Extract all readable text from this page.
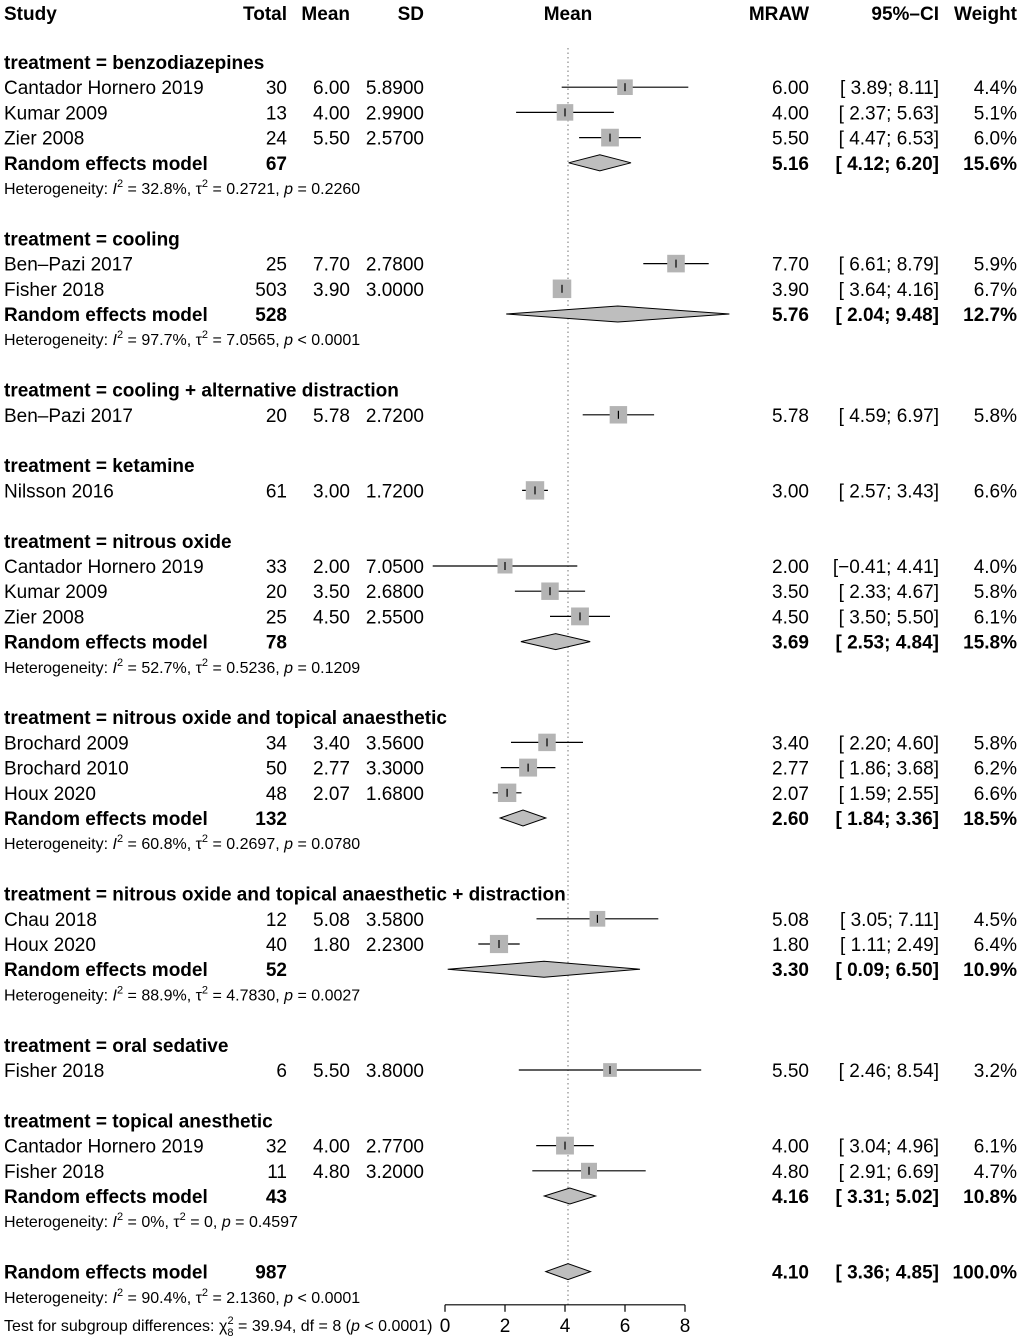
Study	Total Mean	SD	Mean	MRAW	95%–CI Weight
treatment = benzodiazepines
Cantador Hornero 2019	30 6.00 5.8900	6.00 [ 3.89; 8.11] 4.4%
Kumar 2009	13 4.00 2.9900	4.00 [ 2.37; 5.63] 5.1%
Zier 2008	24 5.50 2.5700	5.50 [ 4.47; 6.53] 6.0%
Random effects model	67	5.16 [ 4.12; 6.20] 15.6%
Heterogeneity: $I^2 = 32.8\%$, $\tau^2 = 0.2721$, p = 0.2260
treatment = cooling
Ben–Pazi 2017	25 7.70 2.7800	7.70 [ 6.61; 8.79] 5.9%
Fisher 2018	503 3.90 3.0000	3.90 [ 3.64; 4.16] 6.7%
Random effects model	528	5.76 [ 2.04; 9.48] 12.7%
Heterogeneity: $I^2 = 97.7\%$, $\tau^2 = 7.0565$, p < 0.0001
treatment = cooling + alternative distraction
Ben–Pazi 2017	20 5.78 2.7200	5.78 [ 4.59; 6.97] 5.8%
treatment = ketamine
Nilsson 2016	61 3.00 1.7200	3.00 [ 2.57; 3.43] 6.6%
treatment = nitrous oxide
Cantador Hornero 2019	33 2.00 7.0500	2.00 [−0.41; 4.41] 4.0%
Kumar 2009	20 3.50 2.6800	3.50 [ 2.33; 4.67] 5.8%
Zier 2008	25 4.50 2.5500	4.50 [ 3.50; 5.50] 6.1%
Random effects model	78	3.69 [ 2.53; 4.84] 15.8%
Heterogeneity: $I^2 = 52.7\%$, $\tau^2 = 0.5236$, p = 0.1209
treatment = nitrous oxide and topical anaesthetic
Brochard 2009	34 3.40 3.5600	3.40 [ 2.20; 4.60] 5.8%
Brochard 2010	50 2.77 3.3000	2.77 [ 1.86; 3.68] 6.2%
Houx 2020	48 2.07 1.6800	2.07 [ 1.59; 2.55] 6.6%
Random effects model	132	2.60 [ 1.84; 3.36] 18.5%
Heterogeneity: $I^2 = 60.8\%$, $\tau^2 = 0.2697$, p = 0.0780
treatment = nitrous oxide and topical anaesthetic + distraction
Chau 2018	12 5.08 3.5800	5.08 [ 3.05; 7.11] 4.5%
Houx 2020	40 1.80 2.2300	1.80 [ 1.11; 2.49] 6.4%
Random effects model	52	3.30 [ 0.09; 6.50] 10.9%
Heterogeneity: $I^2 = 88.9\%$, $\tau^2 = 4.7830$, p = 0.0027
treatment = oral sedative
Fisher 2018	6 5.50 3.8000	5.50 [ 2.46; 8.54] 3.2%
treatment = topical anesthetic
Cantador Hornero 2019	32 4.00 2.7700	4.00 [ 3.04; 4.96] 6.1%
Fisher 2018	11 4.80 3.2000	4.80 [ 2.91; 6.69] 4.7%
Random effects model	43	4.16 [ 3.31; 5.02] 10.8%
Heterogeneity: $I^2 = 0\%$, $\tau^2 = 0$, p = 0.4597
Random effects model	987	4.10 [ 3.36; 4.85] 100.0%
Heterogeneity: $I^2 = 90.4\%$, $\tau^2 = 2.1360$, p < 0.0001
Test for subgroup differences: $\chi_82 = 39.94$, df = 8 (p < 0.0001) 0	2	4	6	8
